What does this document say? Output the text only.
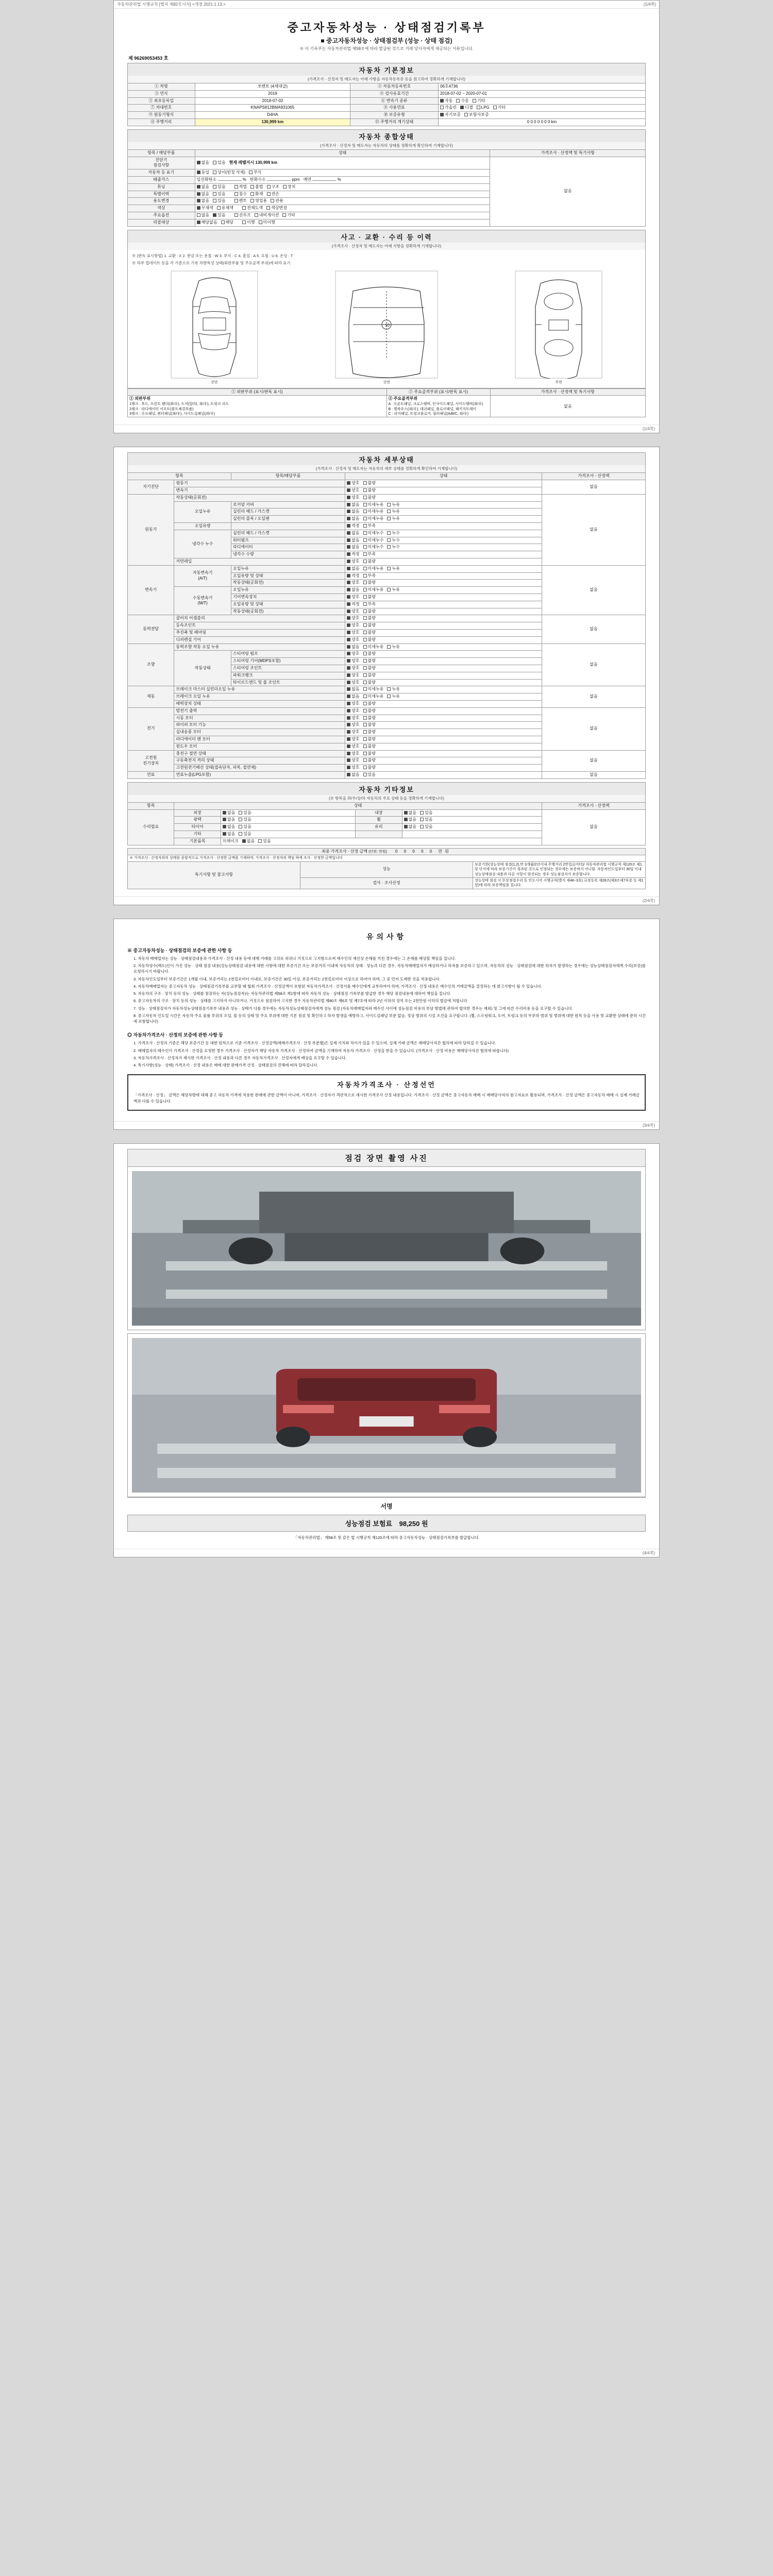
자동차관리법 시행규칙 [별지 제82호서식] <개정 2021.1.13.>	(1/4쪽)
중고자동차성능 · 상태점검기록부
■ 중고자동차성능 · 상태점검부 (성능 · 상태 점검)
※ 이 기록부는 자동차관리법 제58조에 따라 발급된 것으로 거래 당사자에게 제공되는 서류입니다.
제 96269053453 호
자동차 기본정보
(가격조사 · 산정자 및 매도자는 아래 사항을 자동차등록증 등을 참고하여 정확하게 기재합니다)
① 차명	쏘렌토 (4세대급)	② 자동차등록번호	06호4736
③ 연식	2019	④ 검사유효기간	2018-07-02 ~ 2020-07-01
⑤ 최초등록일	2018-07-02	⑥ 변속기 종류	자동 수동 기타
⑦ 차대번호	KNAPS812BMA931065	⑧ 사용연료	가솔린 디젤 LPG 기타
⑨ 원동기형식	D4HA	⑩ 보증유형	자기보증 보험사보증
⑪ 주행거리	130,999 km	⑫ 주행거리 계기상태	0 0 0 0 0 0 0 km
자동차 종합상태
(가격조사 · 산정자 및 매도자는 자동차의 상태를 정확하게 확인하여 기재합니다)
항목 / 해당부품	상태	가격조사 · 산정액 및 특기사항
진단기
점검사항	없음 있음 현재 레벨지시 130,999 km	없음
자동차 등 표기	동일 상이(펀칭 삭제) 부식	
배출가스	일산화탄소 % 탄화수소 ppm 매연 %	
튜닝	없음 있음 적법 불법 구조 장치	
특별이력	없음 있음 침수 화재 전손	
용도변경	없음 있음 렌트 영업용 관용	
색상	무채색 유채색 전체도색 색상변경	
주요옵션	없음 있음 선루프 내비게이션 기타	
리콜대상	해당없음 해당 이행 미이행	
사고 · 교환 · 수리 등 이력
(가격조사 · 산정자 및 매도자는 아래 사항을 정확하게 기재합니다)
※ (판독 표시방법) 1. 교환 : X 2. 판금 또는 용접 : W 3. 부식 : C 4. 흠집 : A 5. 요철 : U 6. 손상 : T
※ 하부 업데이트 등을 각 기준으로 기록 차량특성 상태(외판부품 및 주요골격 부위)에 따라 표기
전면
10
상면	후면
① 외판부위 (표시/판독 표시)	② 주요골격부위 (표시/판독 표시)	가격조사 · 산정액 및 특기사항

① 외판부위
1랭크 : 후드, 프런트 펜더(좌/우), 도어(앞/뒤, 좌/우), 트렁크 리드
2랭크 : 라디에이터 서포트(볼트체결부품)
3랭크 : 루프패널, 쿼터패널(좌/우), 사이드실패널(좌/우)

② 주요골격부위
A : 프론트패널, 크로스맴버, 인사이드패널, 사이드멤버(좌/우)
B : 휠하우스(좌/우), 대쉬패널, 플로어패널, 패키지트레이
C : 리어패널, 트렁크플로어, 필러패널(A/B/C, 좌/우)
	없음
(1/4쪽)
자동차 세부상태
(가격조사 · 산정자 및 매도자는 자동차의 세부 상태를 정확하게 확인하여 기재합니다)
항목		항목/해당부품	상태	가격조사 · 산정액
자기진단	원동기		양호 불량	없음
	변속기		양호 불량	
원동기	작동상태(공회전)		양호 불량	없음
	오일누유	로커암 커버	없음 미세누유 누유	
		실린더 헤드 / 가스켓	없음 미세누유 누유	
		실린더 블록 / 오일팬	없음 미세누유 누유	
	오일유량		적정 부족	
	냉각수 누수	실린더 헤드 / 가스켓	없음 미세누수 누수	
		워터펌프	없음 미세누수 누수	
		라디에이터	없음 미세누수 누수	
		냉각수 수량	적정 부족	
	커먼레일		양호 불량	
변속기	자동변속기
(A/T)	오일누유	없음 미세누유 누유	없음
		오일유량 및 상태	적정 부족	
		작동상태(공회전)	양호 불량	
	수동변속기
(M/T)	오일누유	없음 미세누유 누유	
		기어변속장치	양호 불량	
		오일유량 및 상태	적정 부족	
		작동상태(공회전)	양호 불량	
동력전달	클러치 어셈블리		양호 불량	없음
	등속조인트		양호 불량	
	추진축 및 베어링		양호 불량	
	디퍼렌셜 기어		양호 불량	
조향	동력조향 작동 오일 누유		없음 미세누유 누유	없음
	작동상태	스티어링 펌프	양호 불량	
		스티어링 기어(MDPS포함)	양호 불량	
		스티어링 조인트	양호 불량	
		파워크랭크	양호 불량	
		타이로드엔드 및 볼 조인트	양호 불량	
제동	브레이크 마스터 실린더오일 누유		없음 미세누유 누유	없음
	브레이크 오일 누유		없음 미세누유 누유	
	배력장치 상태		양호 불량	
전기	발전기 출력		양호 불량	없음
	시동 모터		양호 불량	
	와이퍼 모터 기능		양호 불량	
	실내송풍 모터		양호 불량	
	라디에이터 팬 모터		양호 불량	
	윈도우 모터		양호 불량	
고전원
전기장치	충전구 절연 상태		양호 불량	없음
	구동축전지 격리 상태		양호 불량	
	고전원전기배선 상태(접속단자, 피복, 절연체)		양호 불량	
연료	연료누출(LPG포함)		없음 있음	없음
자동차 기타정보
(※ 항목을 좌/우/상/하 자동차의 주요 상태 등을 정확하게 기재합니다)
항목	상태				가격조사 · 산정액
수리필요	외장	없음 있음	내장	없음 있음	없음
	광택	없음 있음	휠	없음 있음	
	타이어	없음 있음	유리	없음 있음	
	기타	없음 있음			
	기본품목	브레이크 없음 있음			
최종 가격조사 · 산정 금액 (단위: 만원) 0 0 0 0 0 만원		
※ 가격조사 · 산정자위의 상태를 종합적으로 가격조사 · 산정한 금액을 기재하며, 가격조사 · 산정자의 책임 하에 조사 · 산정한 금액입니다		
특기사항 및 참고사항	성능	보증기한(성능상태 점검(1,2),만 3개월/2년이내 주행거리 2만킬로미터)/ 자동차관리법 시행규칙 제120조 제1항 단서에 따라 보증기간이 경과된 것으로 인정되는 경우에는 보증하지 아니함. 자동차인도일부터 30일 이내 성능상태점검 내용과 다른 사항이 발견되는 경우 성능점검자가 보증합니다.
	검사 · 조사산정	성능상태 점검 시 무상점검수리 등 인도시각 시행규칙(별지 제48~3호) 규정등록 제28조(제3조제7부분 등 제1항)에 따라 보증책임을 집니다.
(2/4쪽)
유의사항
※ 중고자동차성능 · 상태점검의 보증에 관한 사항 등
1. 자동차 매매업자는 성능 · 상태점검내용과 가격조사 · 산정 내용 등에 대해 거래를 고의로 허위나 거짓으로 고지함으로써 매수인의 재산상 손해를 끼친 경우에는 그 손해를 배상할 책임을 집니다.
2. 자동차양수(매도)인이 가진 성능 · 상태 점검 내용(성능상태점검 내용에 대한 사항에 대한 보증기간 또는 보증거리 이내에 자동차의 상태 · 성능과 다른 경우, 자동차매매업자가 배상하거나 하자를 보증하고 있으며, 자동차의 성능 · 상태점검에 대한 하자가 발생하는 경우에는 성능상태점검자에게 수리(보증)를 요청하시기 바랍니다.
3. 자동차인도일부터 보증기간은 1개월 이내, 보증거리는 2천킬로미터 이내로, 보증기간은 30일 이상, 보증거리는 2천킬로미터 이상으로 하여야 하며, 그 중 먼저 도래한 것을 적용합니다.
4. 자동차매매업자는 중고자동차 성능 · 상태점검기록부를 교부할 때 협회 가격조사 · 산정금액이 포함된 자동차가격조사 · 산정서를 매수인에게 교부하여야 하며, 가격조사 · 산정 내용은 매수인의 거래금액을 결정하는 데 참고사항이 될 수 있습니다.
5. 자동차의 구조 · 장치 등의 성능 · 상태를 점검하는 자(성능점검자)는 자동차관리법 제58조 제1항에 따라 자동차 성능 · 상태점검 기록부를 발급한 경우 해당 점검내용에 대하여 책임을 집니다.
6. 중고자동차의 구조 · 장치 등의 성능 · 상태를 고지하지 아니하거나, 거짓으로 점검하여 고지한 경우 자동차관리법 제80조 제6호 및 제7호에 따라 2년 이하의 징역 또는 2천만원 이하의 벌금에 처합니다.
7. 성능 · 상태점검자가 자동차성능상태점검기록부 내용과 성능 · 상태가 다를 경우에는 자동차성능상태점검자에게 성능 점검 (자동차매매업자와 매수인 사이에 성능점검 비용의 부담 방법에 관하여 합의한 경우는 제외) 및 그에 따른 수리비용 등을 요구할 수 있습니다.
8. 중고자동차 인도일 시간은 자동차 주요 물품 부위의 오일, 물 등의 상태 및 주요 부위에 대한 기본 점검 및 확인하고 하자 발생을 예방하고, 사이드실패널 부분 없음, 정상 범위의 시설 조건을 요구합니다. (휠, 스프링워크, 도어, 트렁크 등의 무부하 범위 및 범위에 대한 원칙 등을 사용 및 교환한 상태에 준하 시간에 포함합니다)
◎ 자동차가격조사 · 산정의 보증에 관한 사항 등
1. 가격조사 · 산정의 기준은 해당 보증기간 등 대한 원칙으로 기준 가격조사 · 산정금액(매매가격조사 · 산정 부분별)은 실제 가치와 차이가 있을 수 있으며, 실제 거래 금액은 매매당사자간 협의에 따라 달라질 수 있습니다.
2. 매매업자의 매수인이 가격조사 · 산정을 요청한 경우 가격조사 · 산정자가 해당 자동차 가격조사 · 산정하여 금액을 기재하여 자동차 가격조사 · 산정을 받을 수 있습니다. (가격조사 · 산정 비용은 매매당사자간 협의에 따릅니다)
3. 자동차가격조사 · 산정자가 제시한 가격조사 · 산정 내용과 다른 경우 자동차가격조사 · 산정자에게 배상을 요구할 수 있습니다.
4. 특기사항(성능 · 상태) 가격조사 · 산정 내용은 매매 대한 판매가격 산정 · 상태점검의 견해에 따라 달라집니다.
자동차가격조사 · 산정선언
「가격조사 · 산정」 금액은 해당차량에 대해 중고 자동차 가격에 적용한 판매에 관한 금액이 아니며, 가격조사 · 산정자가 객관적으로 세시한 가격조사 산정 내용입니다. 가격조사 · 산정 금액은 중고자동차 매매 시 매매당사자의 참고자료로 활용되며, 가격조사 · 산정 금액은 중고자동차 매매 시 실제 거래금액과 다를 수 있습니다.
(3/4쪽)
점검 장면 촬영 사진
서명
성능점검 보험료 98,250 원
「자동차관리법」 제58조 및 같은 법 시행규칙 제120조에 따라 중고자동차성능 · 상태점검기록부를 발급합니다.
(4/4쪽)
